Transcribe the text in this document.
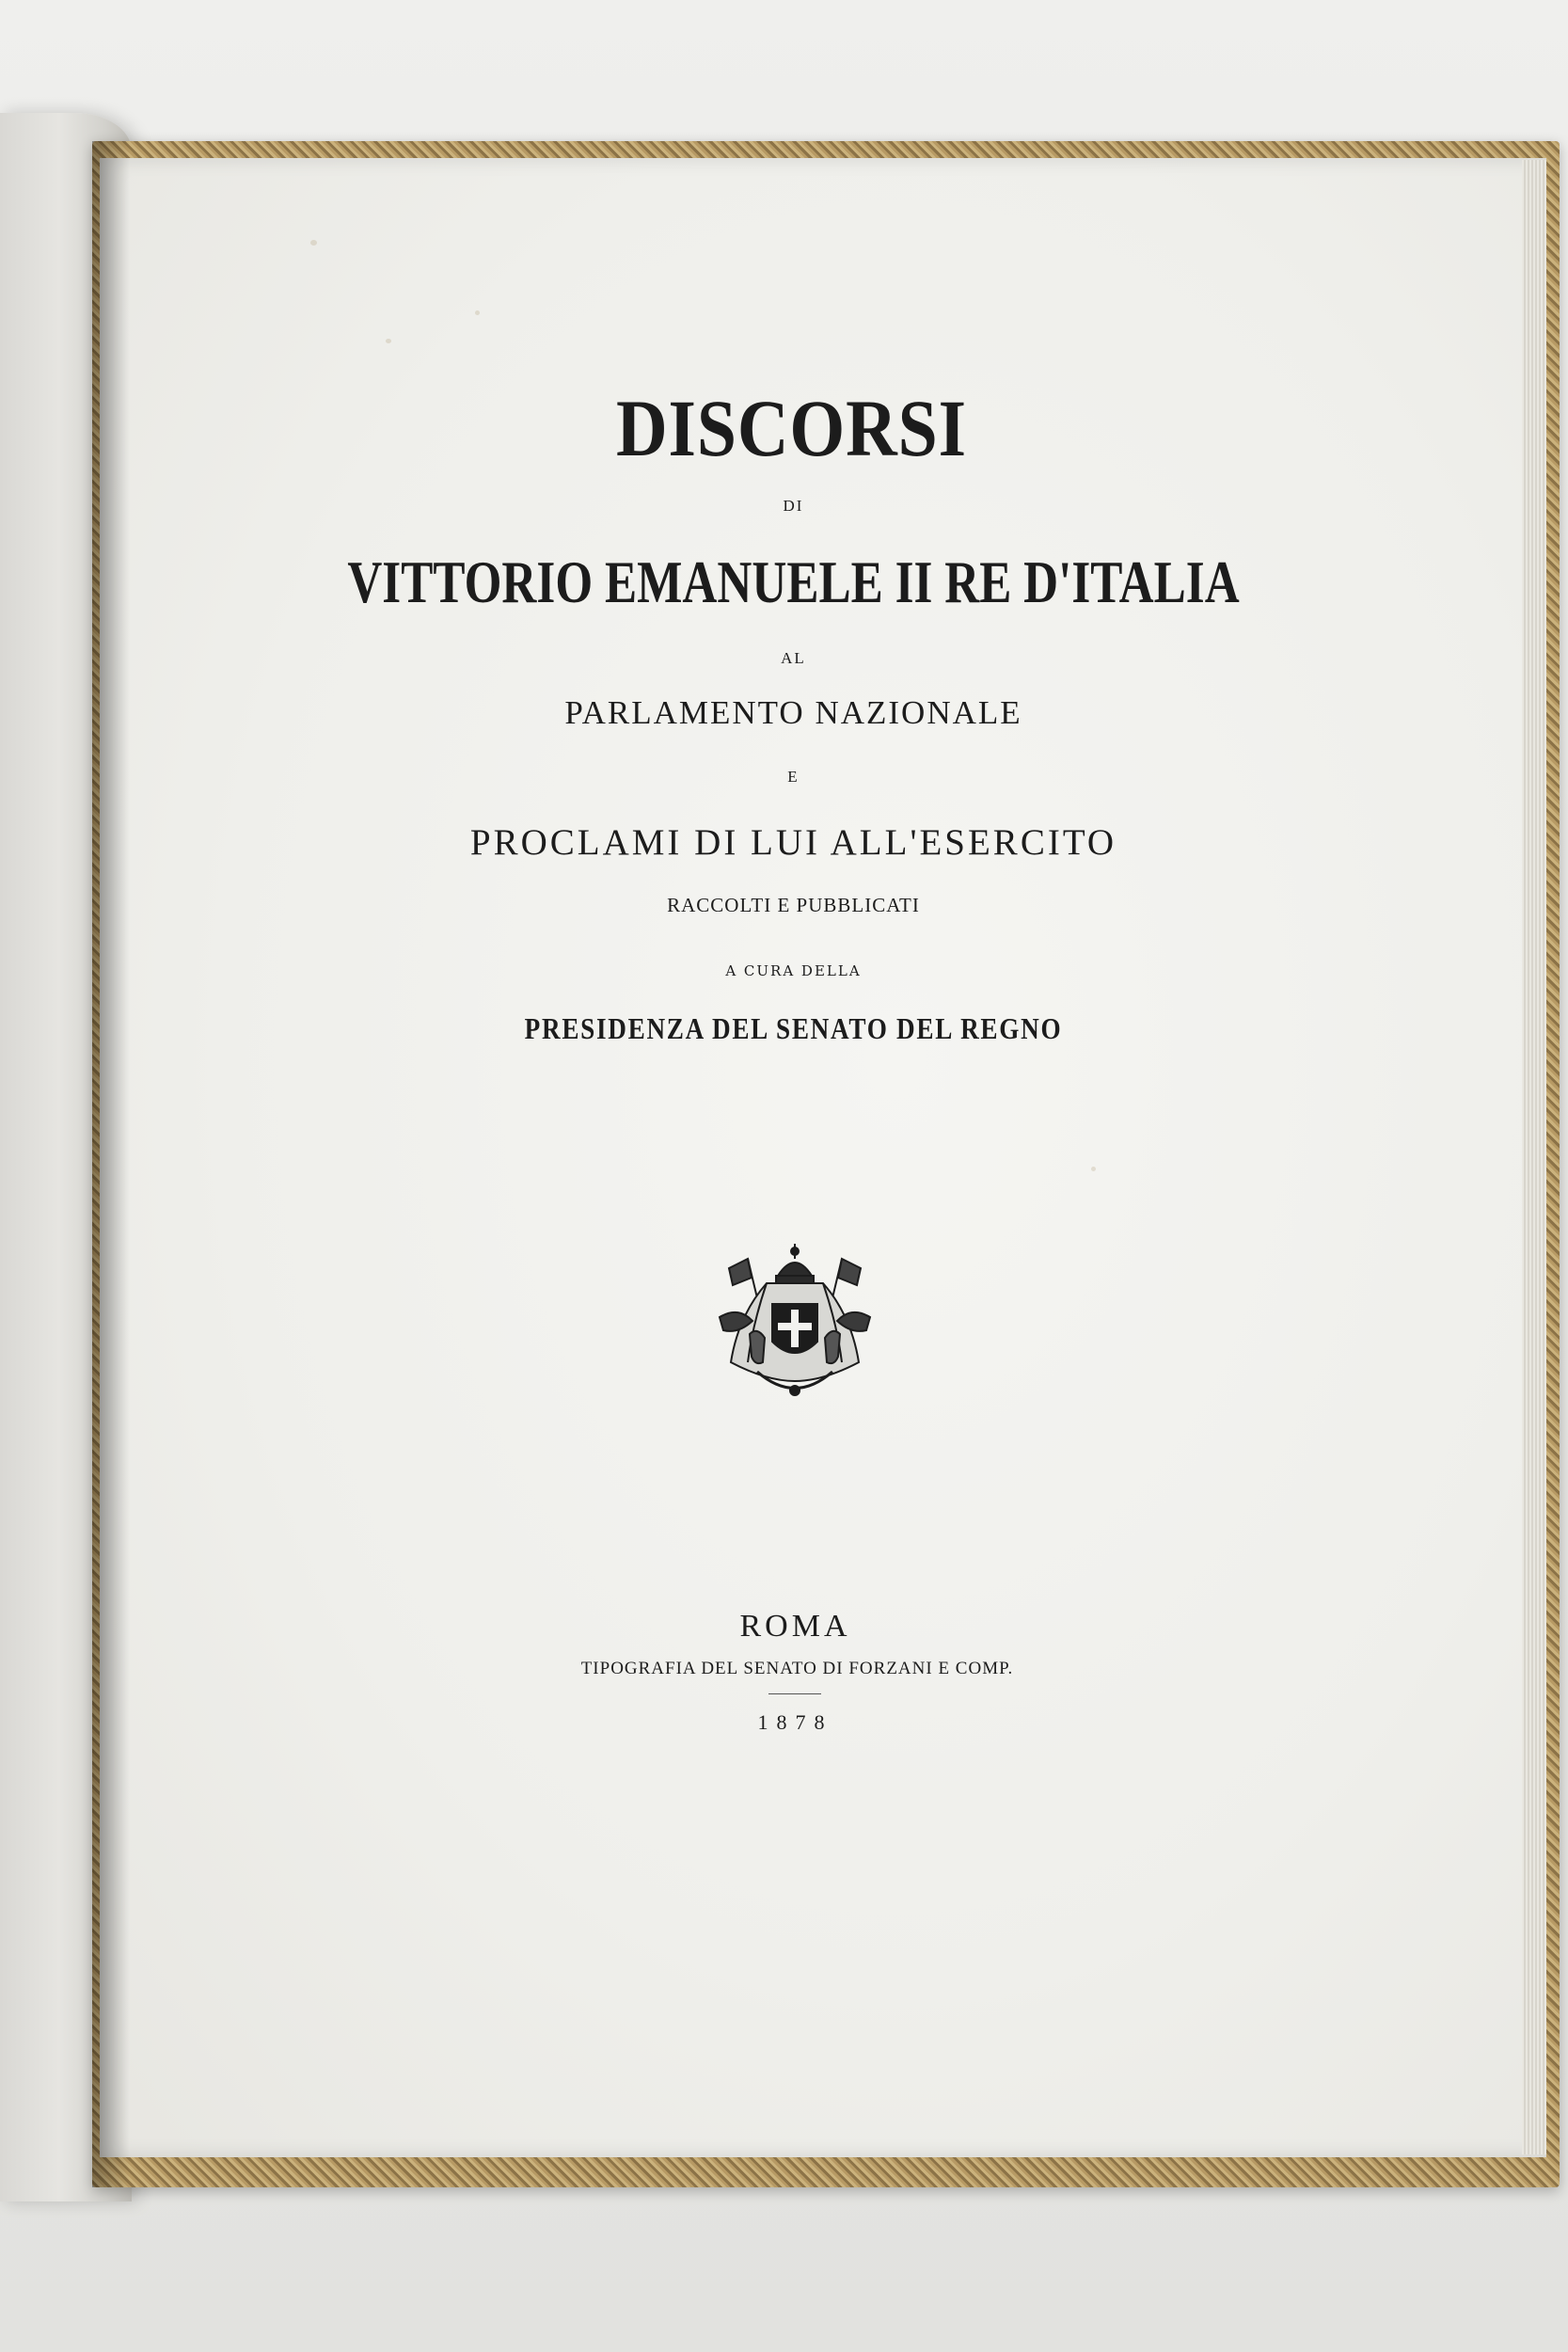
DISCORSI
DI
VITTORIO EMANUELE II RE D'ITALIA
AL
PARLAMENTO NAZIONALE
E
PROCLAMI DI LUI ALL'ESERCITO
RACCOLTI E PUBBLICATI
A CURA DELLA
PRESIDENZA DEL SENATO DEL REGNO
ROMA
TIPOGRAFIA DEL SENATO DI FORZANI E COMP.
1878
